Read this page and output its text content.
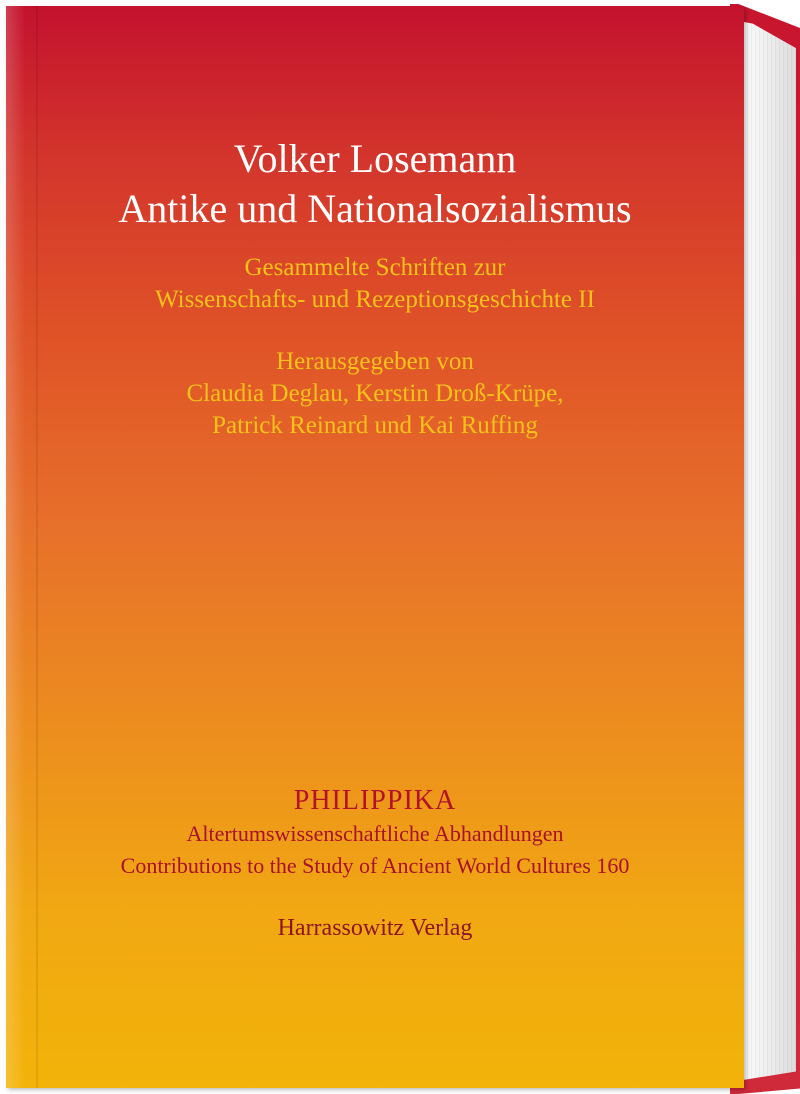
Volker Losemann

Antike und Nationalsozialismus

Gesammelte Schriften zur

Wissenschafts- und Rezeptionsgeschichte II

Herausgegeben von

Claudia Deglau, Kerstin Droß-Krüpe,

Patrick Reinard und Kai Ruffing

PHILIPPIKA

Altertumswissenschaftliche Abhandlungen

Contributions to the Study of Ancient World Cultures 160

Harrassowitz Verlag
